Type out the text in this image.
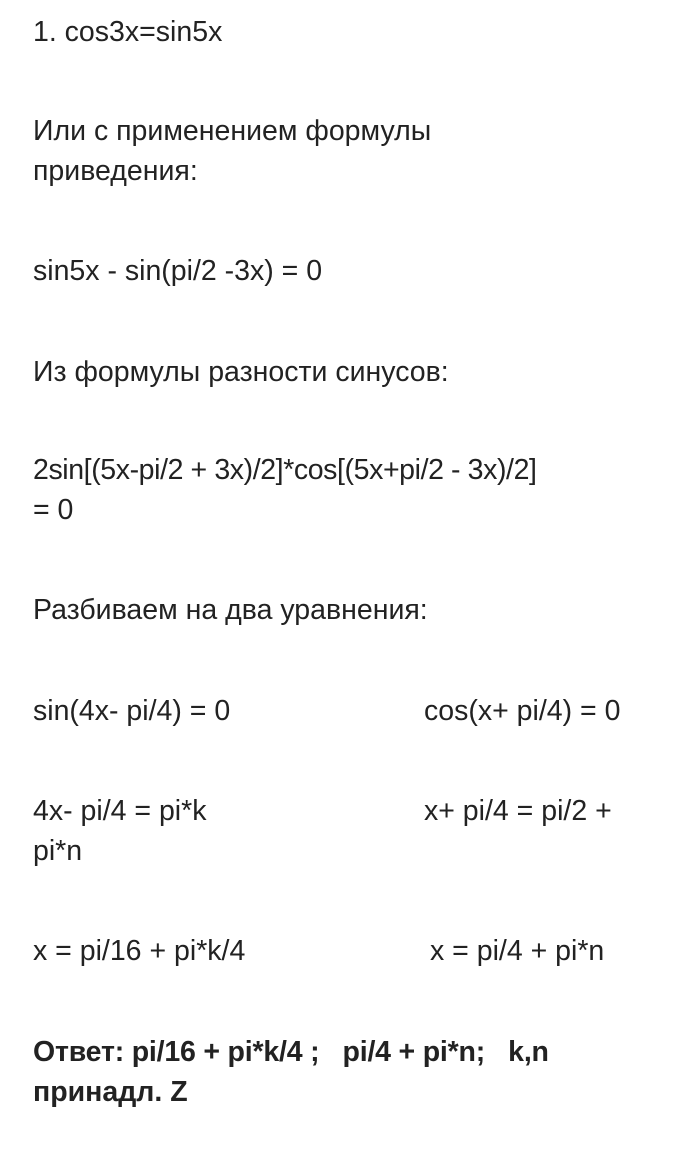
1. cos3x=sin5x
Или с применением формулы
приведения:
sin5x - sin(pi/2 -3x) = 0
Из формулы разности синусов:
2sin[(5x-pi/2 + 3x)/2]*cos[(5x+pi/2 - 3x)/2]
= 0
Разбиваем на два уравнения:
sin(4x- pi/4) = 0	cos(x+ pi/4) = 0
4x- pi/4 = pi*k	x+ pi/4 = pi/2 +
pi*n
x = pi/16 + pi*k/4	x = pi/4 + pi*n
Ответ: pi/16 + pi*k/4 ;   pi/4 + pi*n;   k,n
принадл. Z
